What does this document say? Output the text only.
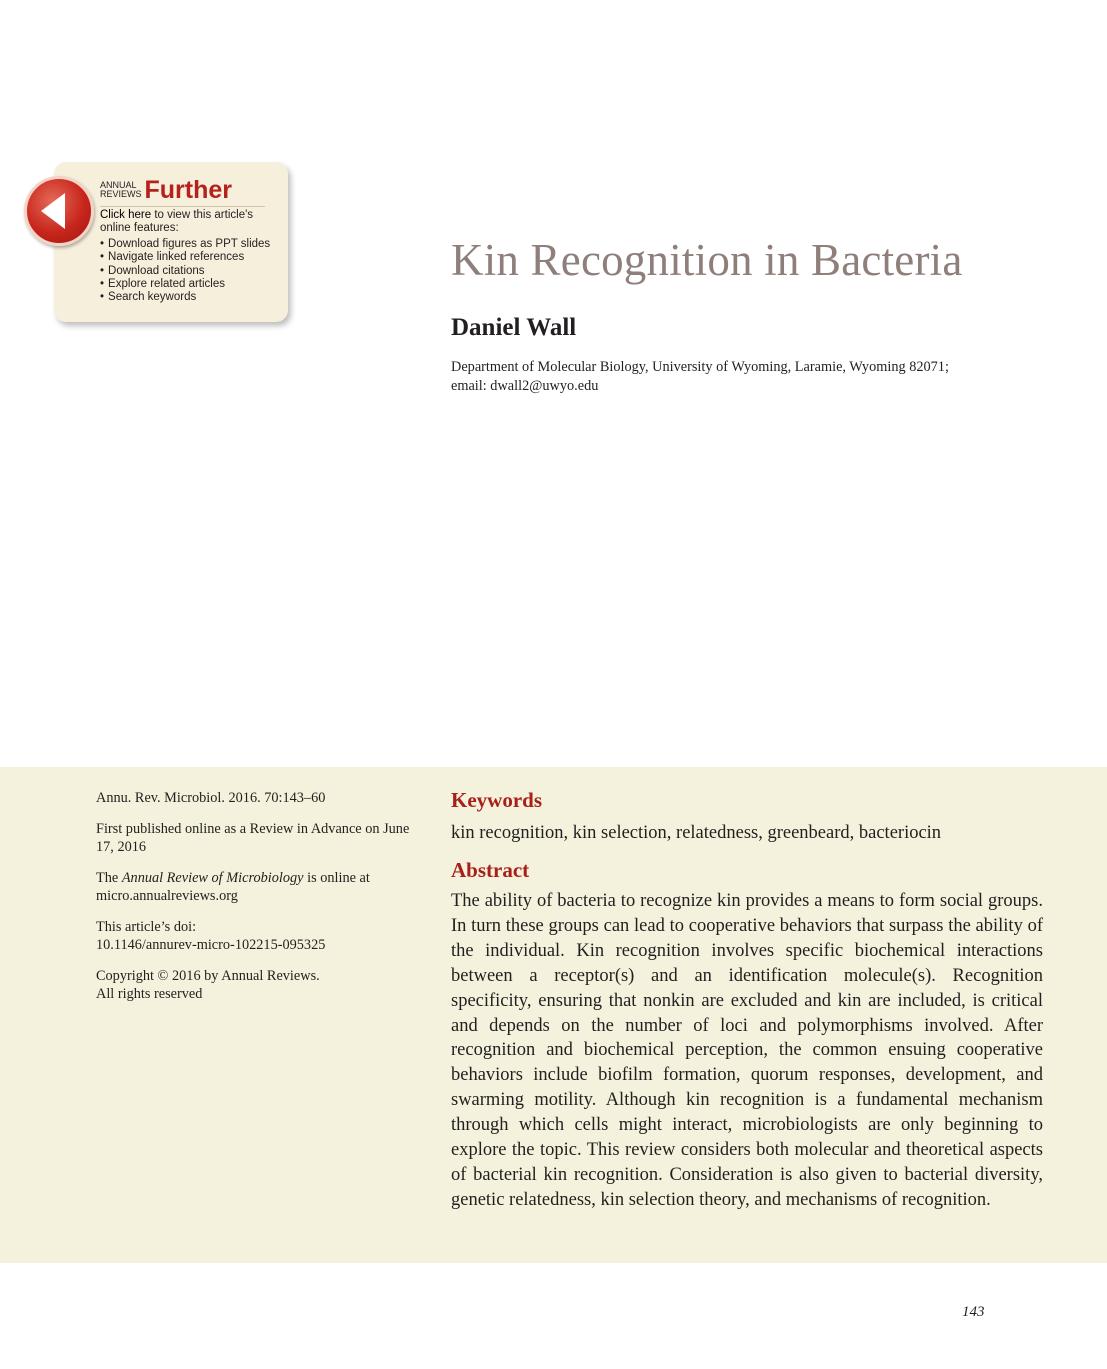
ANNUAL
REVIEWS Further
Click here to view this article's online features:
• Download figures as PPT slides
• Navigate linked references
• Download citations
• Explore related articles
• Search keywords
Kin Recognition in Bacteria
Daniel Wall
Department of Molecular Biology, University of Wyoming, Laramie, Wyoming 82071;
email: dwall2@uwyo.edu

Annu. Rev. Microbiol. 2016. 70:143–60

First published online as a Review in Advance on June 17, 2016

The Annual Review of Microbiology is online at micro.annualreviews.org

This article’s doi:
10.1146/annurev-micro-102215-095325

Copyright © 2016 by Annual Reviews.
All rights reserved

Keywords

kin recognition, kin selection, relatedness, greenbeard, bacteriocin

Abstract

The ability of bacteria to recognize kin provides a means to form social groups. In turn these groups can lead to cooperative behaviors that surpass the ability of the individual. Kin recognition involves specific biochemical interactions between a receptor(s) and an identification molecule(s). Recognition specificity, ensuring that nonkin are excluded and kin are included, is critical and depends on the number of loci and polymorphisms involved. After recognition and biochemical perception, the common ensuing cooperative behaviors include biofilm formation, quorum responses, development, and swarming motility. Although kin recognition is a fundamental mechanism through which cells might interact, microbiologists are only beginning to explore the topic. This review considers both molecular and theoretical aspects of bacterial kin recognition. Consideration is also given to bacterial diversity, genetic relatedness, kin selection theory, and mechanisms of recognition.

143
